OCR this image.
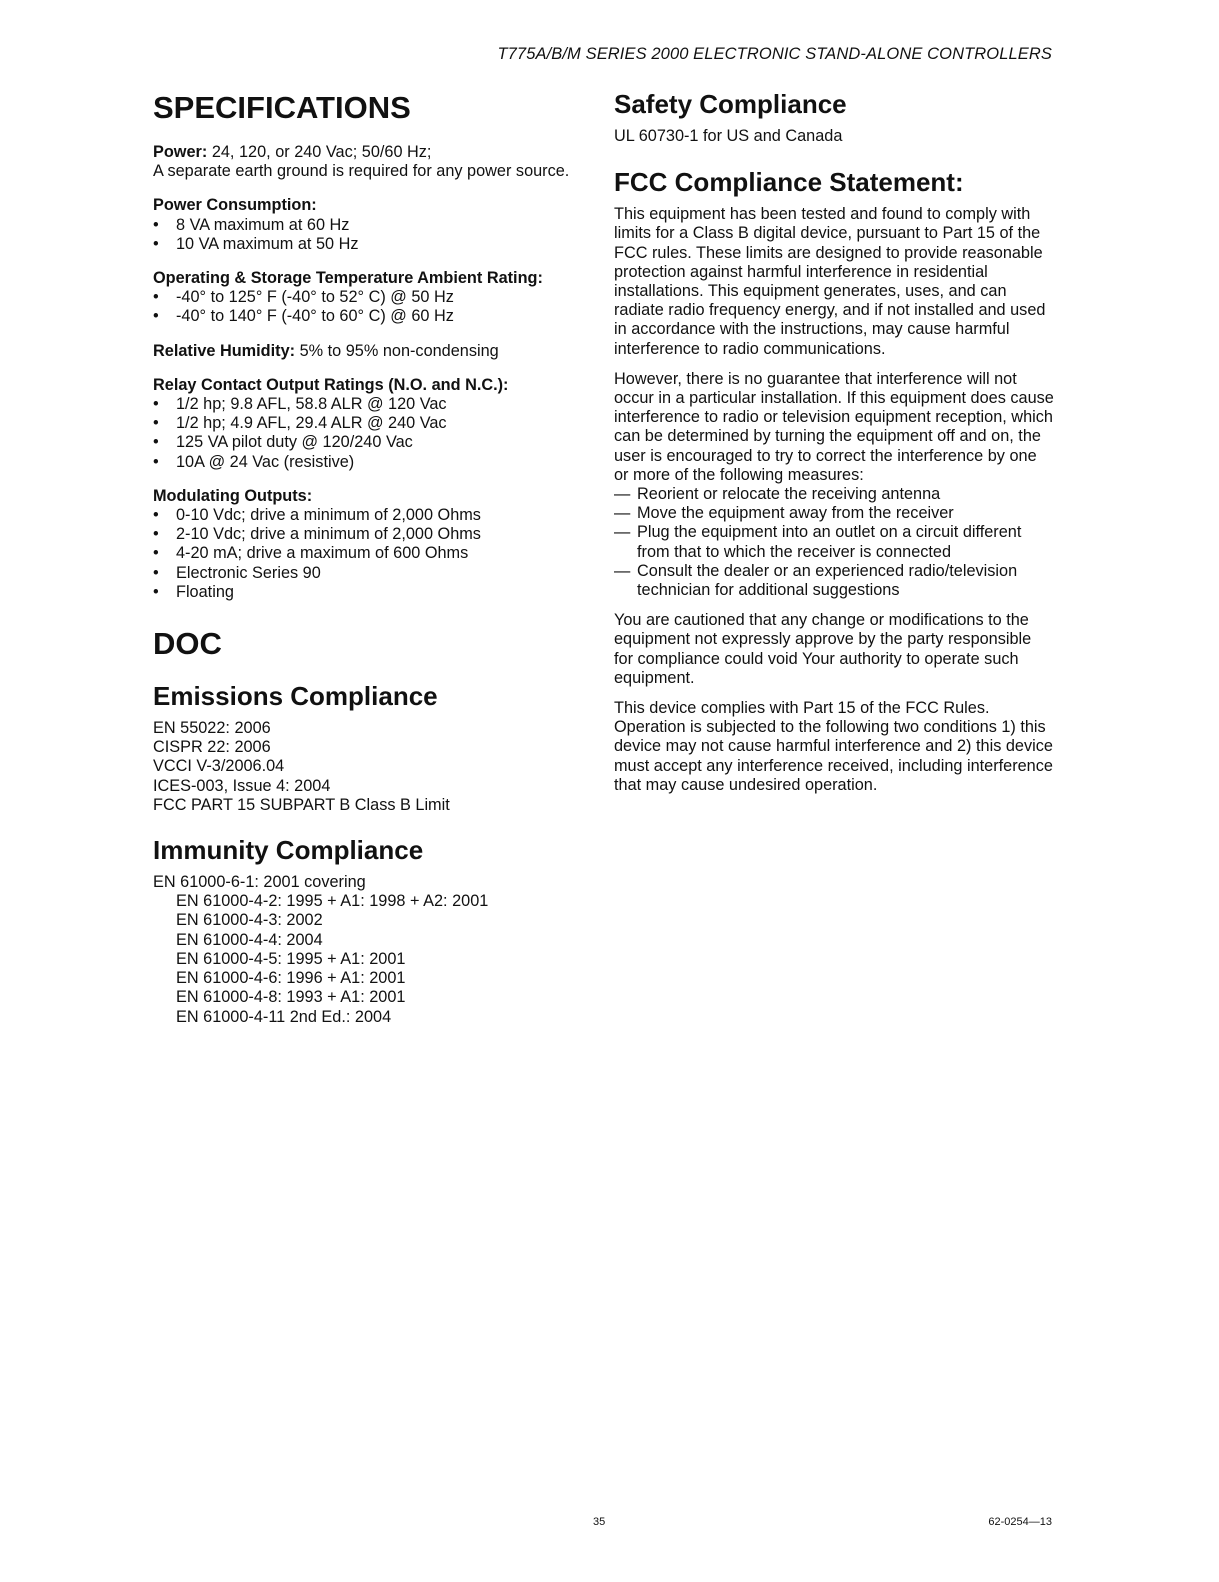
T775A/B/M SERIES 2000 ELECTRONIC STAND-ALONE CONTROLLERS
SPECIFICATIONS

Power: 24, 120, or 240 Vac; 50/60 Hz;

A separate earth ground is required for any power source.

Power Consumption:

• 8 VA maximum at 60 Hz
• 10 VA maximum at 50 Hz

Operating & Storage Temperature Ambient Rating:

• -40° to 125° F (-40° to 52° C) @ 50 Hz
• -40° to 140° F (-40° to 60° C) @ 60 Hz

Relative Humidity: 5% to 95% non-condensing

Relay Contact Output Ratings (N.O. and N.C.):

• 1/2 hp; 9.8 AFL, 58.8 ALR @ 120 Vac
• 1/2 hp; 4.9 AFL, 29.4 ALR @ 240 Vac
• 125 VA pilot duty @ 120/240 Vac
• 10A @ 24 Vac (resistive)

Modulating Outputs:

• 0-10 Vdc; drive a minimum of 2,000 Ohms
• 2-10 Vdc; drive a minimum of 2,000 Ohms
• 4-20 mA; drive a maximum of 600 Ohms
• Electronic Series 90
• Floating
DOC
Emissions Compliance

EN 55022: 2006

CISPR 22: 2006

VCCI V-3/2006.04

ICES-003, Issue 4: 2004

FCC PART 15 SUBPART B Class B Limit

Immunity Compliance

EN 61000-6-1: 2001 covering

EN 61000-4-2: 1995 + A1: 1998 + A2: 2001

EN 61000-4-3: 2002

EN 61000-4-4: 2004

EN 61000-4-5: 1995 + A1: 2001

EN 61000-4-6: 1996 + A1: 2001

EN 61000-4-8: 1993 + A1: 2001

EN 61000-4-11 2nd Ed.: 2004

Safety Compliance

UL 60730-1 for US and Canada

FCC Compliance Statement:

This equipment has been tested and found to comply with limits for a Class B digital device, pursuant to Part 15 of the FCC rules. These limits are designed to provide reasonable protection against harmful interference in residential installations. This equipment generates, uses, and can radiate radio frequency energy, and if not installed and used in accordance with the instructions, may cause harmful interference to radio communications.

However, there is no guarantee that interference will not occur in a particular installation. If this equipment does cause interference to radio or television equipment reception, which can be determined by turning the equipment off and on, the user is encouraged to try to correct the interference by one or more of the following measures:

— Reorient or relocate the receiving antenna
— Move the equipment away from the receiver
— Plug the equipment into an outlet on a circuit different from that to which the receiver is connected
— Consult the dealer or an experienced radio/television technician for additional suggestions

You are cautioned that any change or modifications to the equipment not expressly approve by the party responsible for compliance could void Your authority to operate such equipment.

This device complies with Part 15 of the FCC Rules. Operation is subjected to the following two conditions 1) this device may not cause harmful interference and 2) this device must accept any interference received, including interference that may cause undesired operation.

35	62-0254—13
